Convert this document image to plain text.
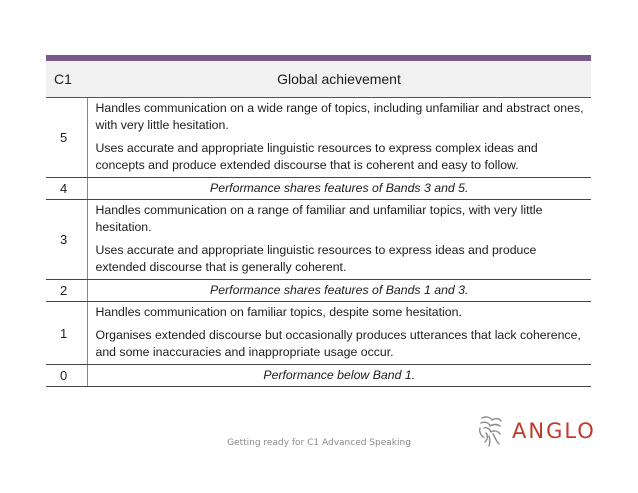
C1	Global achievement
5	Handles communication on a wide range of topics, including unfamiliar and abstract ones, with very little hesitation.

Uses accurate and appropriate linguistic resources to express complex ideas and concepts and produce extended discourse that is coherent and easy to follow.

4	Performance shares features of Bands 3 and 5.
3	Handles communication on a range of familiar and unfamiliar topics, with very little hesitation.

Uses accurate and appropriate linguistic resources to express ideas and produce extended discourse that is generally coherent.

2	Performance shares features of Bands 1 and 3.
1	Handles communication on familiar topics, despite some hesitation.

Organises extended discourse but occasionally produces utterances that lack coherence, and some inaccuracies and inappropriate usage occur.

0	Performance below Band 1.
Getting ready for C1 Advanced Speaking	ANGLO
